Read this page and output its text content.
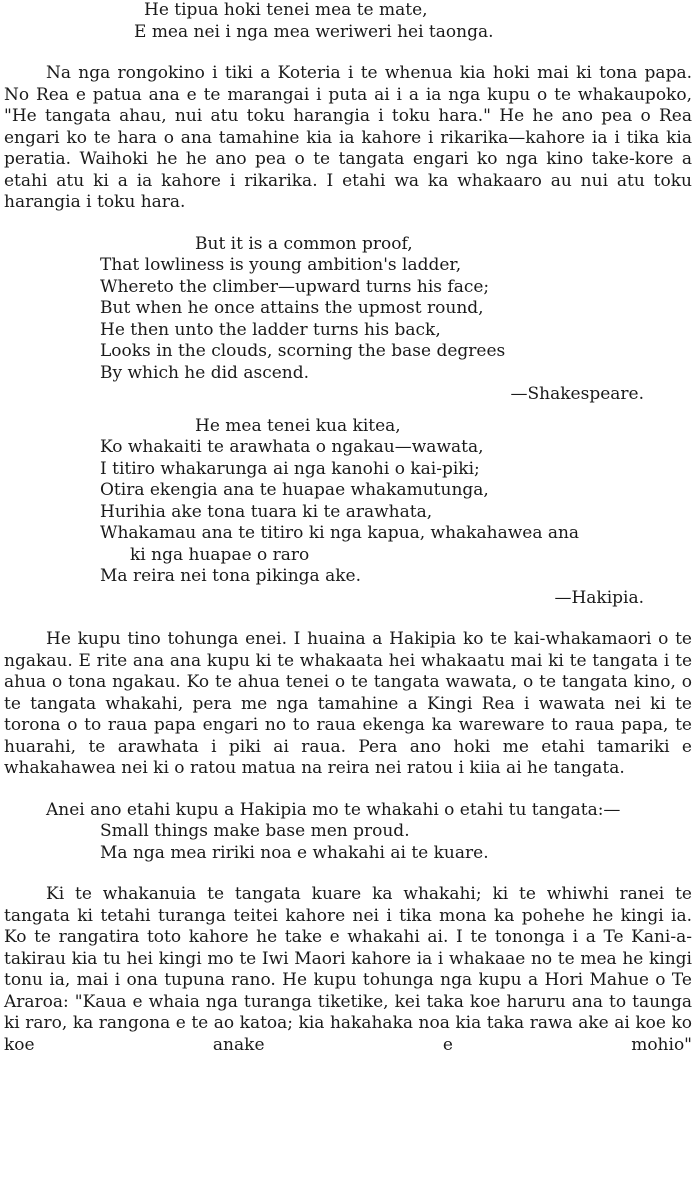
He tipua hoki tenei mea te mate,
E mea nei i nga mea weriweri hei taonga.

Na nga rongokino i tiki a Koteria i te whenua kia hoki mai ki tona papa. No Rea e patua ana e te marangai i puta ai i a ia nga kupu o te whakaupoko, "He tangata ahau, nui atu toku harangia i toku hara." He he ano pea o Rea engari ko te hara o ana tamahine kia ia kahore i rikarika—kahore ia i tika kia peratia. Waihoki he he ano pea o te tangata engari ko nga kino take-kore a etahi atu ki a ia kahore i rikarika. I etahi wa ka whakaaro au nui atu toku harangia i toku hara.

But it is a common proof,
That lowliness is young ambition's ladder,
Whereto the climber—upward turns his face;
But when he once attains the upmost round,
He then unto the ladder turns his back,
Looks in the clouds, scorning the base degrees
By which he did ascend.

—Shakespeare.

He mea tenei kua kitea,
Ko whakaiti te arawhata o ngakau—wawata,
I titiro whakarunga ai nga kanohi o kai-piki;
Otira ekengia ana te huapae whakamutunga,
Hurihia ake tona tuara ki te arawhata,
Whakamau ana te titiro ki nga kapua, whakahawea ana
ki nga huapae o raro
Ma reira nei tona pikinga ake.

—Hakipia.

He kupu tino tohunga enei. I huaina a Hakipia ko te kai-whakamaori o te ngakau. E rite ana ana kupu ki te whakaata hei whakaatu mai ki te tangata i te ahua o tona ngakau. Ko te ahua tenei o te tangata wawata, o te tangata kino, o te tangata whakahi, pera me nga tamahine a Kingi Rea i wawata nei ki te torona o to raua papa engari no to raua ekenga ka wareware to raua papa, te huarahi, te arawhata i piki ai raua. Pera ano hoki me etahi tamariki e whakahawea nei ki o ratou matua na reira nei ratou i kiia ai he tangata.

Anei ano etahi kupu a Hakipia mo te whakahi o etahi tu tangata:—

Small things make base men proud.
Ma nga mea ririki noa e whakahi ai te kuare.

Ki te whakanuia te tangata kuare ka whakahi; ki te whiwhi ranei te tangata ki tetahi turanga teitei kahore nei i tika mona ka pohehe he kingi ia. Ko te rangatira toto kahore he take e whakahi ai. I te tononga i a Te Kani-a-takirau kia tu hei kingi mo te Iwi Maori kahore ia i whakaae no te mea he kingi tonu ia, mai i ona tupuna rano. He kupu tohunga nga kupu a Hori Mahue o Te Araroa: "Kaua e whaia nga turanga tiketike, kei taka koe haruru ana to taunga ki raro, ka rangona e te ao katoa; kia hakahaka noa kia taka rawa ake ai koe ko koe anake e mohio"
